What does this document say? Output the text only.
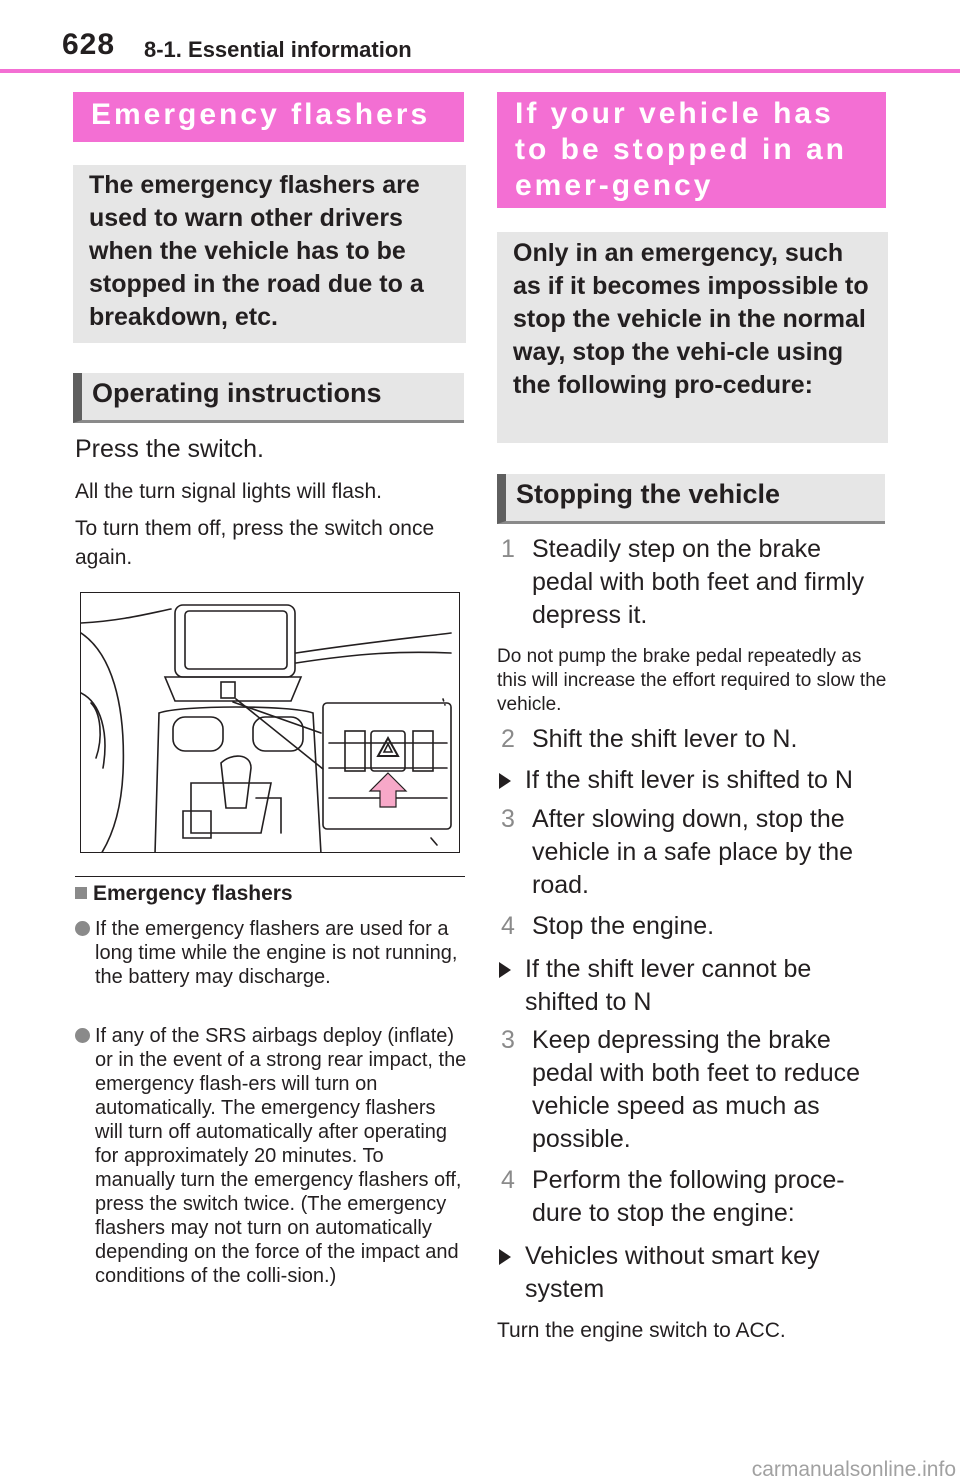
628 8-1. Essential information
Emergency flashers
The emergency flashers are used to warn other drivers when the vehicle has to be stopped in the road due to a breakdown, etc.
Operating instructions

Press the switch.

All the turn signal lights will flash.

To turn them off, press the switch once again.

Emergency flashers
If the emergency flashers are used for a long time while the engine is not running, the battery may discharge.
If any of the SRS airbags deploy (inflate) or in the event of a strong rear impact, the emergency flash-ers will turn on automatically. The emergency flashers will turn off automatically after operating for approximately 20 minutes. To manually turn the emergency flashers off, press the switch twice. (The emergency flashers may not turn on automatically depending on the force of the impact and conditions of the colli-sion.)
If your vehicle has to be stopped in an emer-gency
Only in an emergency, such as if it becomes impossible to stop the vehicle in the normal way, stop the vehi-cle using the following pro-cedure:
Stopping the vehicle
1 Steadily step on the brake pedal with both feet and firmly depress it.

Do not pump the brake pedal repeatedly as this will increase the effort required to slow the vehicle.

2 Shift the shift lever to N.
If the shift lever is shifted to N
3 After slowing down, stop the vehicle in a safe place by the road.
4 Stop the engine.
If the shift lever cannot be shifted to N
3 Keep depressing the brake pedal with both feet to reduce vehicle speed as much as possible.
4 Perform the following proce-dure to stop the engine:
Vehicles without smart key system

Turn the engine switch to ACC.

carmanualsonline.info
